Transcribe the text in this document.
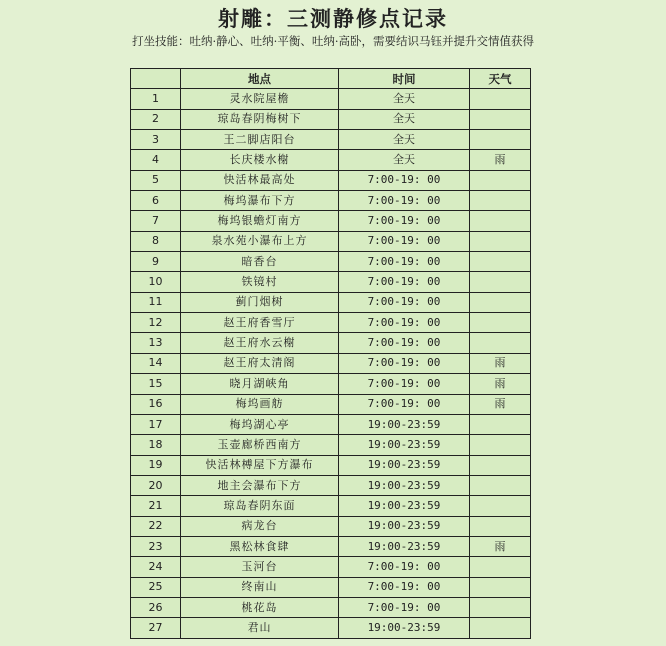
射雕：三测静修点记录
打坐技能：吐纳·静心、吐纳·平衡、吐纳·高卧，需要结识马钰并提升交情值获得
	地点	时间	天气
1	灵水院屋檐	全天	
2	琼岛春阴梅树下	全天	
3	王二脚店阳台	全天	
4	长庆楼水榭	全天	雨
5	快活林最高处	7:00-19: 00	
6	梅坞瀑布下方	7:00-19: 00	
7	梅坞银蟾灯南方	7:00-19: 00	
8	泉水苑小瀑布上方	7:00-19: 00	
9	暗香台	7:00-19: 00	
10	铁镜村	7:00-19: 00	
11	蓟门烟树	7:00-19: 00	
12	赵王府香雪厅	7:00-19: 00	
13	赵王府水云榭	7:00-19: 00	
14	赵王府太清阁	7:00-19: 00	雨
15	晓月湖峡角	7:00-19: 00	雨
16	梅坞画舫	7:00-19: 00	雨
17	梅坞湖心亭	19:00-23:59	
18	玉壶廊桥西南方	19:00-23:59	
19	快活林榑屋下方瀑布	19:00-23:59	
20	地主会瀑布下方	19:00-23:59	
21	琼岛春阴东面	19:00-23:59	
22	病龙台	19:00-23:59	
23	黑松林食肆	19:00-23:59	雨
24	玉河台	7:00-19: 00	
25	终南山	7:00-19: 00	
26	桃花岛	7:00-19: 00	
27	君山	19:00-23:59	
